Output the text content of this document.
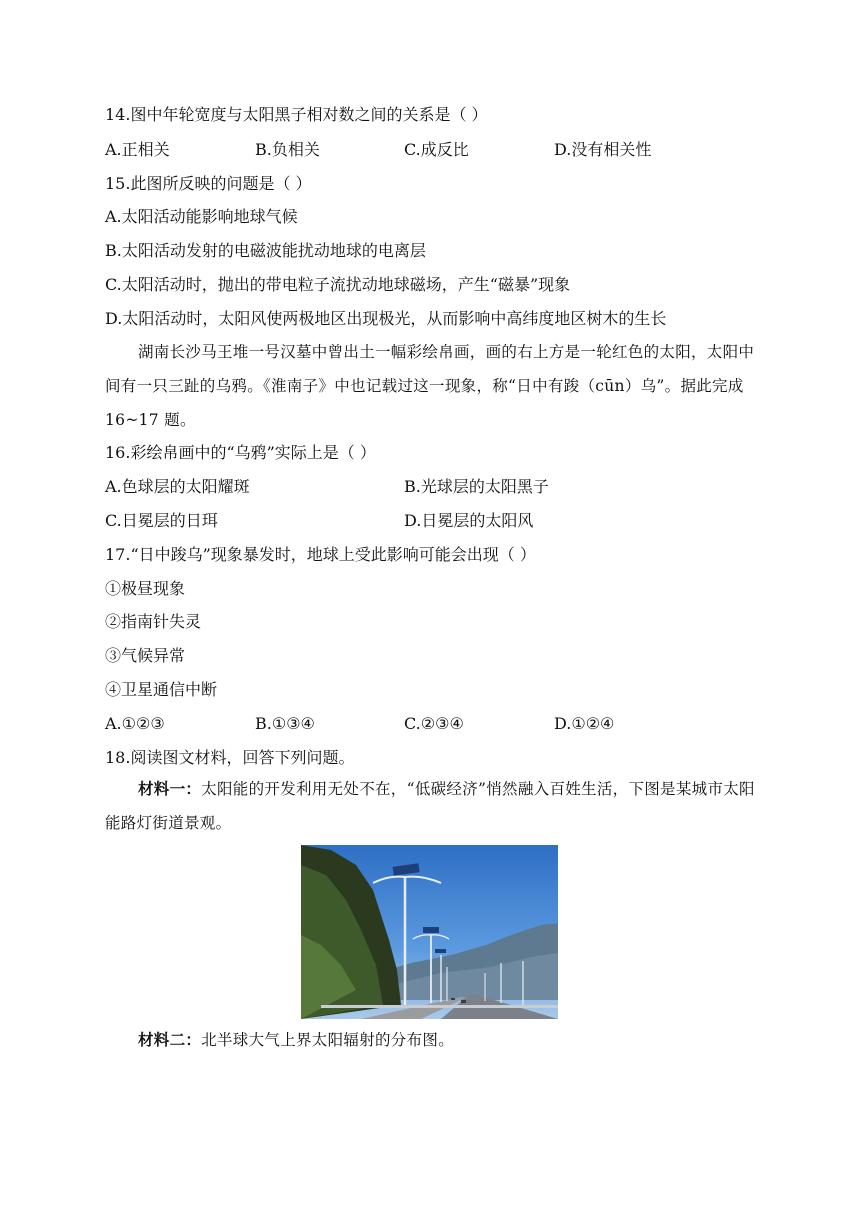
14.图中年轮宽度与太阳黑子相对数之间的关系是（ ）
A.正相关	B.负相关	C.成反比	D.没有相关性
15.此图所反映的问题是（ ）
A.太阳活动能影响地球气候
B.太阳活动发射的电磁波能扰动地球的电离层
C.太阳活动时，抛出的带电粒子流扰动地球磁场，产生“磁暴”现象
D.太阳活动时，太阳风使两极地区出现极光，从而影响中高纬度地区树木的生长
湖南长沙马王堆一号汉墓中曾出土一幅彩绘帛画，画的右上方是一轮红色的太阳，太阳中间有一只三趾的乌鸦。《淮南子》中也记载过这一现象，称“日中有踆（cūn）乌”。据此完成 16~17 题。
16.彩绘帛画中的“乌鸦”实际上是（ ）
A.色球层的太阳耀斑	B.光球层的太阳黑子
C.日冕层的日珥	D.日冕层的太阳风
17.“日中踆乌”现象暴发时，地球上受此影响可能会出现（ ）
①极昼现象
②指南针失灵
③气候异常
④卫星通信中断
A.①②③	B.①③④	C.②③④	D.①②④
18.阅读图文材料，回答下列问题。
材料一：太阳能的开发利用无处不在，“低碳经济”悄然融入百姓生活，下图是某城市太阳能路灯街道景观。
材料二：北半球大气上界太阳辐射的分布图。
